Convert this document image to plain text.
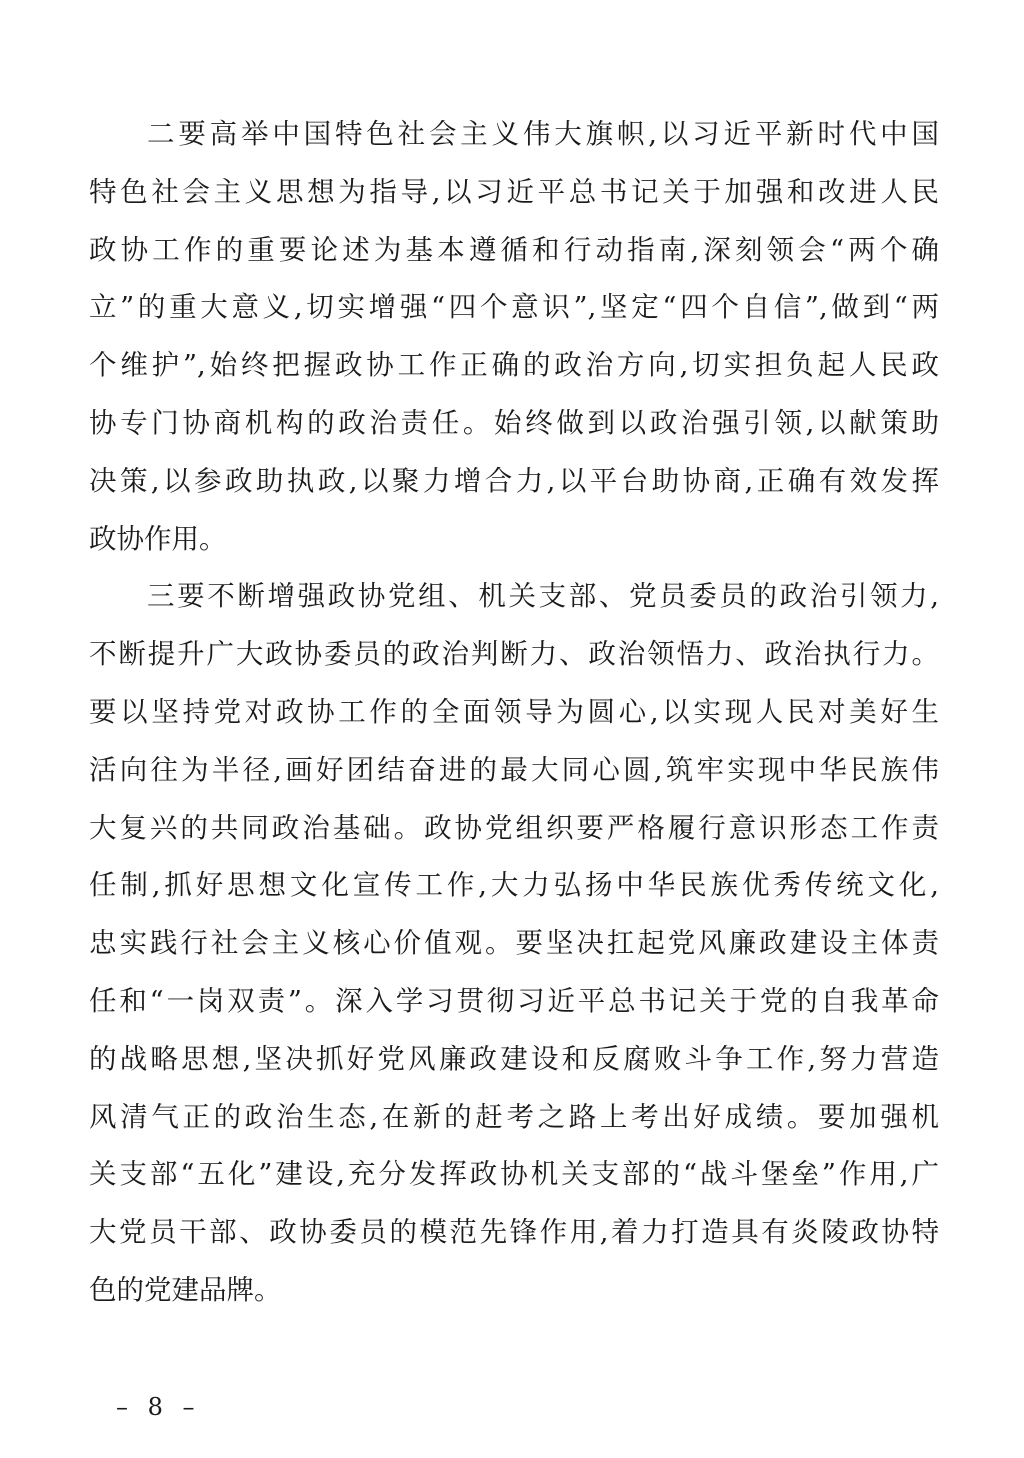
二要高举中国特色社会主义伟大旗帜,以习近平新时代中国
特色社会主义思想为指导,以习近平总书记关于加强和改进人民
政协工作的重要论述为基本遵循和行动指南,深刻领会“两个确
立”的重大意义,切实增强“四个意识”,坚定“四个自信”,做到“两
个维护”,始终把握政协工作正确的政治方向,切实担负起人民政
协专门协商机构的政治责任。始终做到以政治强引领,以献策助
决策,以参政助执政,以聚力增合力,以平台助协商,正确有效发挥
政协作用。
三要不断增强政协党组、机关支部、党员委员的政治引领力,
不断提升广大政协委员的政治判断力、政治领悟力、政治执行力。
要以坚持党对政协工作的全面领导为圆心,以实现人民对美好生
活向往为半径,画好团结奋进的最大同心圆,筑牢实现中华民族伟
大复兴的共同政治基础。政协党组织要严格履行意识形态工作责
任制,抓好思想文化宣传工作,大力弘扬中华民族优秀传统文化,
忠实践行社会主义核心价值观。要坚决扛起党风廉政建设主体责
任和“一岗双责”。深入学习贯彻习近平总书记关于党的自我革命
的战略思想,坚决抓好党风廉政建设和反腐败斗争工作,努力营造
风清气正的政治生态,在新的赶考之路上考出好成绩。要加强机
关支部“五化”建设,充分发挥政协机关支部的“战斗堡垒”作用,广
大党员干部、政协委员的模范先锋作用,着力打造具有炎陵政协特
色的党建品牌。
– 8 –
